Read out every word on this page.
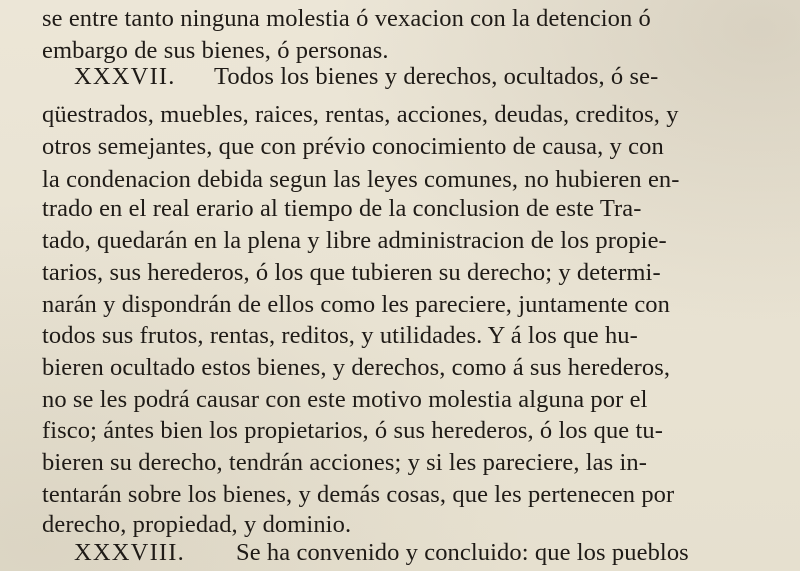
se entre tanto ninguna molestia ó vexacion con la detencion ó
embargo de sus bienes, ó personas.
XXXVII. Todos los bienes y derechos, ocultados, ó se-
qüestrados, muebles, raices, rentas, acciones, deudas, creditos, y
otros semejantes, que con prévio conocimiento de causa, y con
la condenacion debida segun las leyes comunes, no hubieren en-
trado en el real erario al tiempo de la conclusion de este Tra-
tado, quedarán en la plena y libre administracion de los propie-
tarios, sus herederos, ó los que tubieren su derecho; y determi-
narán y dispondrán de ellos como les pareciere, juntamente con
todos sus frutos, rentas, reditos, y utilidades. Y á los que hu-
bieren ocultado estos bienes, y derechos, como á sus herederos,
no se les podrá causar con este motivo molestia alguna por el
fisco; ántes bien los propietarios, ó sus herederos, ó los que tu-
bieren su derecho, tendrán acciones; y si les pareciere, las in-
tentarán sobre los bienes, y demás cosas, que les pertenecen por
derecho, propiedad, y dominio.
XXXVIII. Se ha convenido y concluido: que los pueblos
